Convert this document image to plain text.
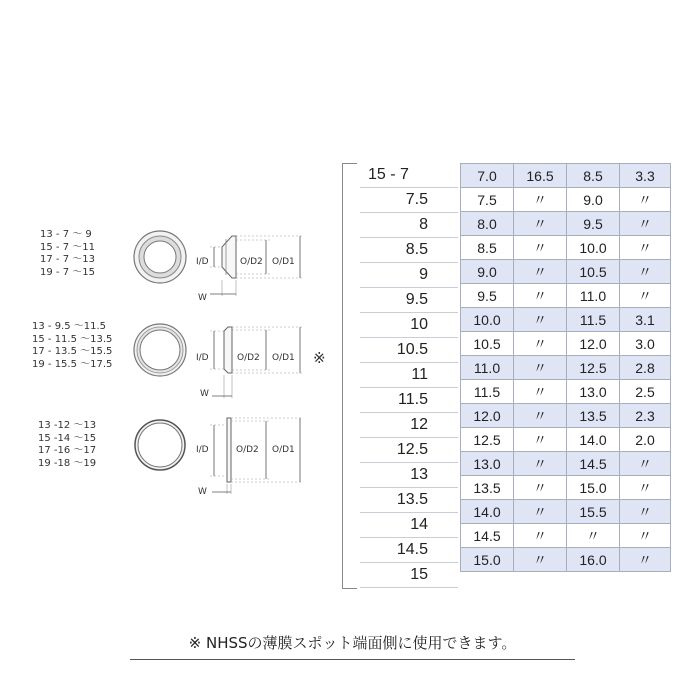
13 - 7 〜 9
15 - 7 〜11
17 - 7 〜13
19 - 7 〜15
13 - 9.5 〜11.5
15 - 11.5 〜13.5
17 - 13.5 〜15.5
19 - 15.5 〜17.5
13 -12 〜13
15 -14 〜15
17 -16 〜17
19 -18 〜19
I/D	O/D2 O/D1
W
I/D	O/D2 O/D1
W
I/D	O/D2 O/D1
W
※
15 - 7
7.5
8
8.5
9
9.5
10
10.5
11
11.5
12
12.5
13
13.5
14
14.5
15
7.0	16.5	8.5	3.3
7.5	〃	9.0	〃
8.0	〃	9.5	〃
8.5	〃	10.0	〃
9.0	〃	10.5	〃
9.5	〃	11.0	〃
10.0	〃	11.5	3.1
10.5	〃	12.0	3.0
11.0	〃	12.5	2.8
11.5	〃	13.0	2.5
12.0	〃	13.5	2.3
12.5	〃	14.0	2.0
13.0	〃	14.5	〃
13.5	〃	15.0	〃
14.0	〃	15.5	〃
14.5	〃	〃	〃
15.0	〃	16.0	〃
※ NHSSの薄膜スポット端面側に使用できます。
